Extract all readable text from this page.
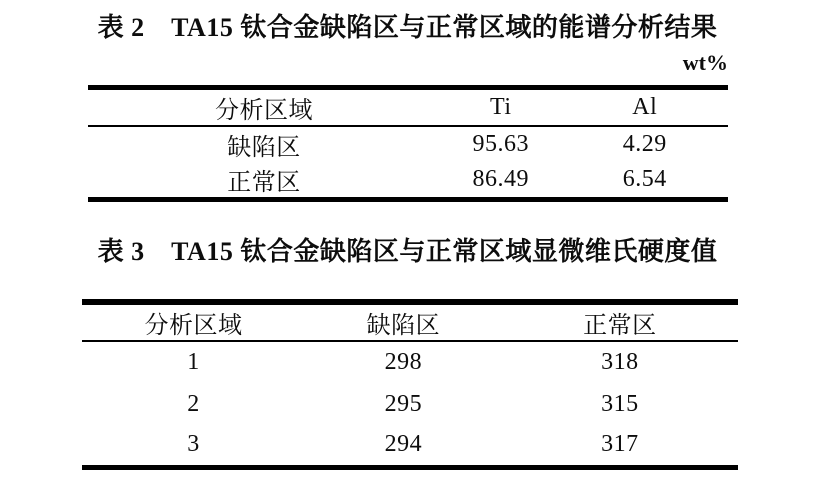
表 2　TA15 钛合金缺陷区与正常区域的能谱分析结果
wt%
分析区域	Ti	Al
缺陷区	95.63	4.29
正常区	86.49	6.54
表 3　TA15 钛合金缺陷区与正常区域显微维氏硬度值
分析区域	缺陷区	正常区
1	298	318
2	295	315
3	294	317
